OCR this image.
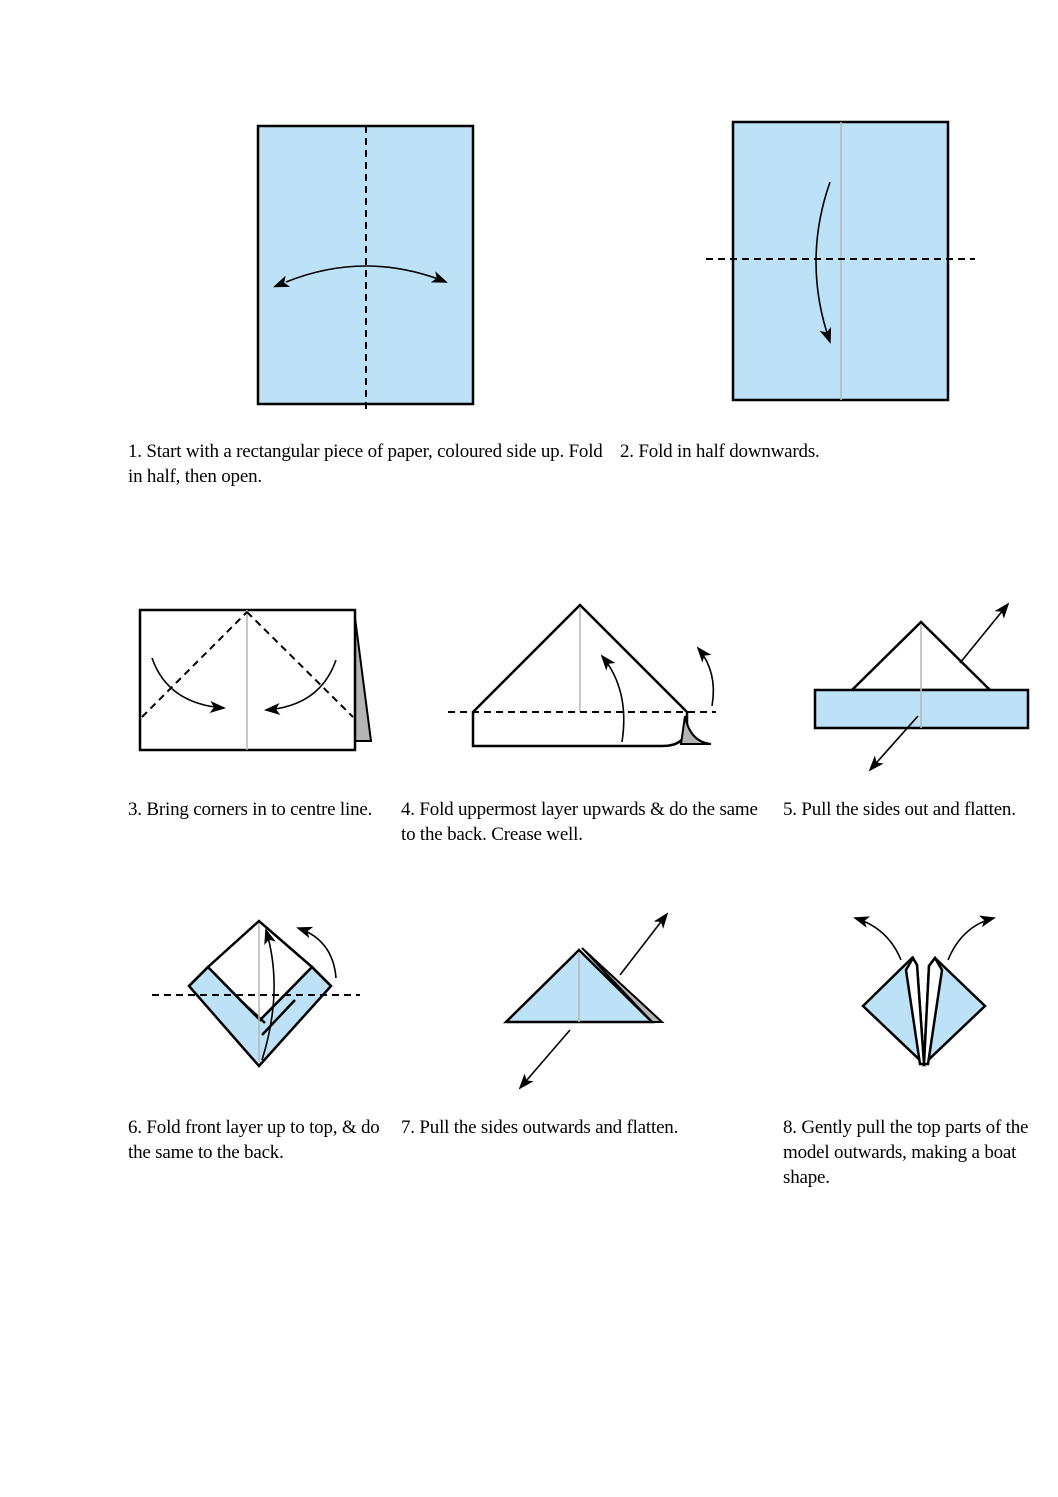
1. Start with a rectangular piece of paper, coloured side up. Fold in half, then open.
2. Fold in half downwards.
3. Bring corners in to centre line.	4. Fold uppermost layer upwards & do the same to the back. Crease well.
5. Pull the sides out and flatten.
6. Fold front layer up to top, & do the same to the back.
7. Pull the sides outwards and flatten.	8. Gently pull the top parts of the model outwards, making a boat shape.
